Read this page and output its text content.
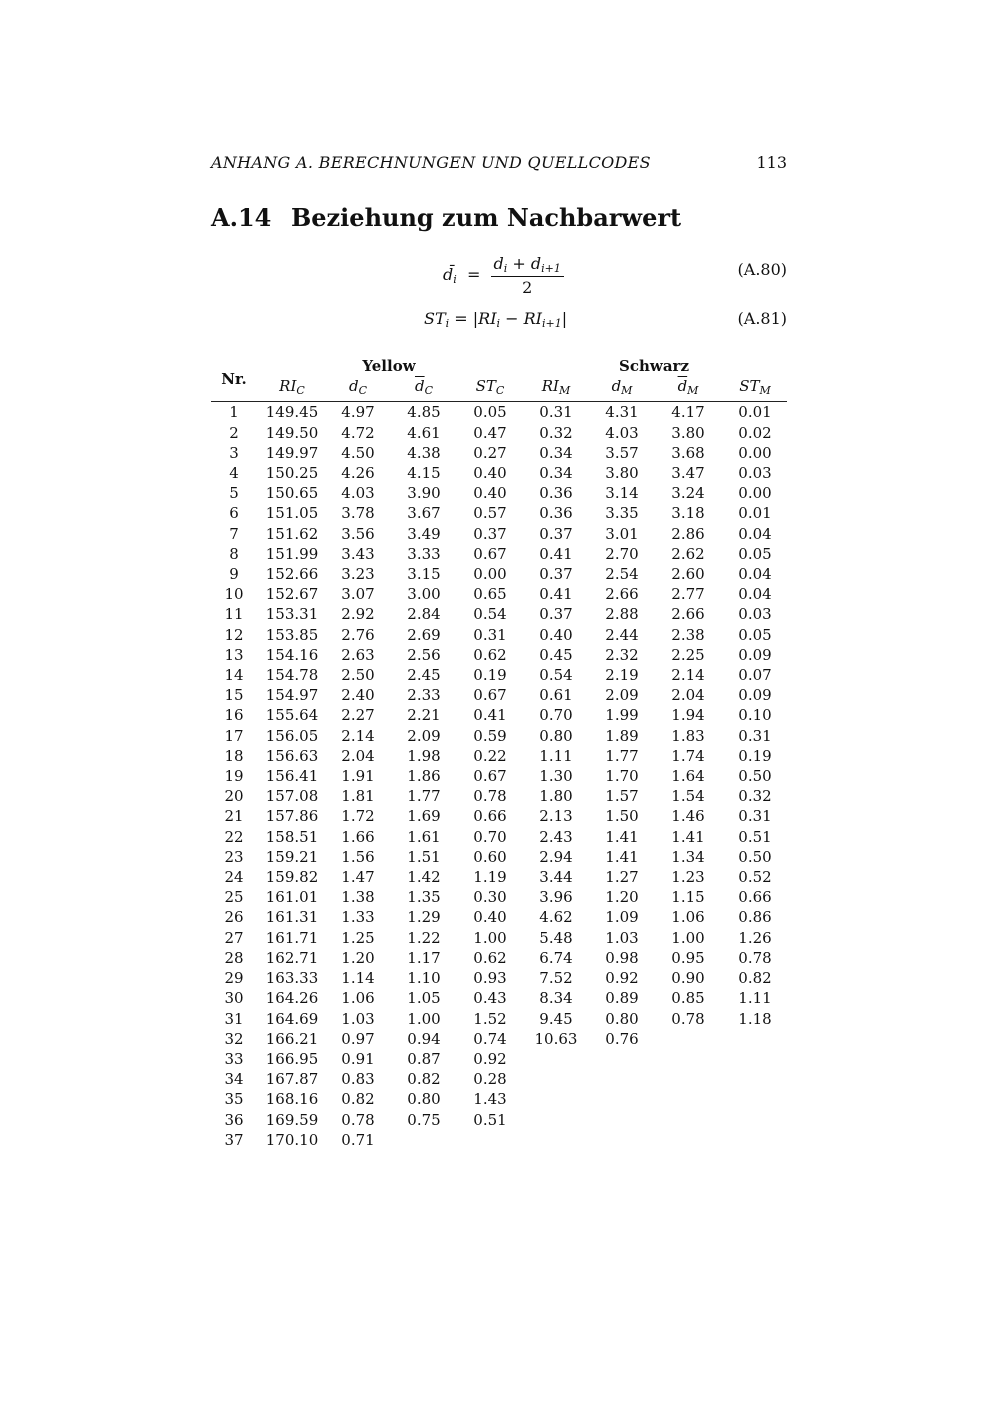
ANHANG A. BERECHNUNGEN UND QUELLCODES	113
A.14 Beziehung zum Nachbarwert
$d̄_i = \frac{d_i + d_{i+1}}{2}$	(A.80)
$ST_i = |RI_i - RI_{i+1}|$	(A.81)
Nr.	Yellow				Schwarz			
	$RI_C$	$d_C$	$\overline{d}_C$	$ST_C$	$RI_M$	$d_M$	$\overline{d}_M$	$ST_M$
1	149.45	4.97	4.85	0.05	0.31	4.31	4.17	0.01
2	149.50	4.72	4.61	0.47	0.32	4.03	3.80	0.02
3	149.97	4.50	4.38	0.27	0.34	3.57	3.68	0.00
4	150.25	4.26	4.15	0.40	0.34	3.80	3.47	0.03
5	150.65	4.03	3.90	0.40	0.36	3.14	3.24	0.00
6	151.05	3.78	3.67	0.57	0.36	3.35	3.18	0.01
7	151.62	3.56	3.49	0.37	0.37	3.01	2.86	0.04
8	151.99	3.43	3.33	0.67	0.41	2.70	2.62	0.05
9	152.66	3.23	3.15	0.00	0.37	2.54	2.60	0.04
10	152.67	3.07	3.00	0.65	0.41	2.66	2.77	0.04
11	153.31	2.92	2.84	0.54	0.37	2.88	2.66	0.03
12	153.85	2.76	2.69	0.31	0.40	2.44	2.38	0.05
13	154.16	2.63	2.56	0.62	0.45	2.32	2.25	0.09
14	154.78	2.50	2.45	0.19	0.54	2.19	2.14	0.07
15	154.97	2.40	2.33	0.67	0.61	2.09	2.04	0.09
16	155.64	2.27	2.21	0.41	0.70	1.99	1.94	0.10
17	156.05	2.14	2.09	0.59	0.80	1.89	1.83	0.31
18	156.63	2.04	1.98	0.22	1.11	1.77	1.74	0.19
19	156.41	1.91	1.86	0.67	1.30	1.70	1.64	0.50
20	157.08	1.81	1.77	0.78	1.80	1.57	1.54	0.32
21	157.86	1.72	1.69	0.66	2.13	1.50	1.46	0.31
22	158.51	1.66	1.61	0.70	2.43	1.41	1.41	0.51
23	159.21	1.56	1.51	0.60	2.94	1.41	1.34	0.50
24	159.82	1.47	1.42	1.19	3.44	1.27	1.23	0.52
25	161.01	1.38	1.35	0.30	3.96	1.20	1.15	0.66
26	161.31	1.33	1.29	0.40	4.62	1.09	1.06	0.86
27	161.71	1.25	1.22	1.00	5.48	1.03	1.00	1.26
28	162.71	1.20	1.17	0.62	6.74	0.98	0.95	0.78
29	163.33	1.14	1.10	0.93	7.52	0.92	0.90	0.82
30	164.26	1.06	1.05	0.43	8.34	0.89	0.85	1.11
31	164.69	1.03	1.00	1.52	9.45	0.80	0.78	1.18
32	166.21	0.97	0.94	0.74	10.63	0.76		
33	166.95	0.91	0.87	0.92				
34	167.87	0.83	0.82	0.28				
35	168.16	0.82	0.80	1.43				
36	169.59	0.78	0.75	0.51				
37	170.10	0.71						
